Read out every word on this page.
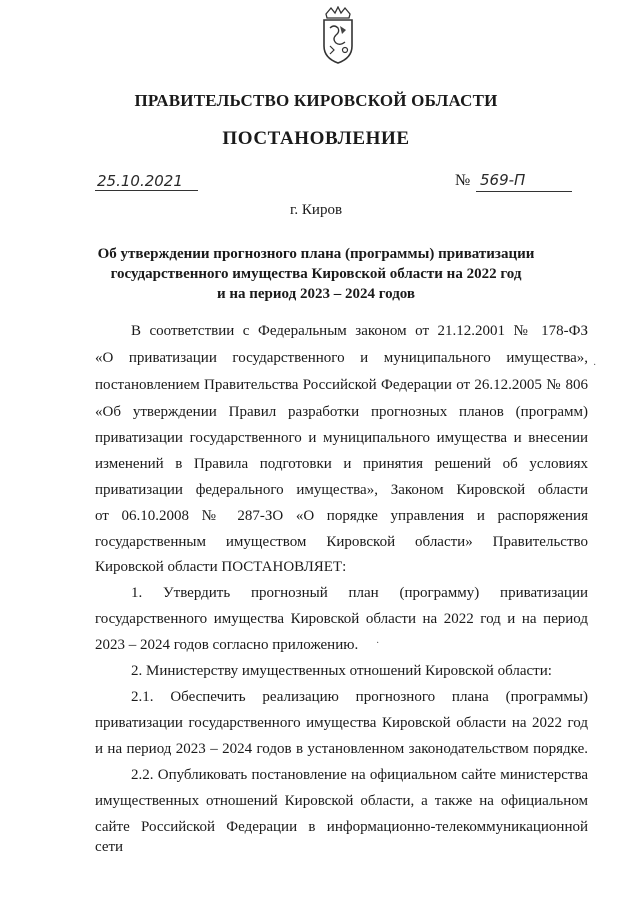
ПРАВИТЕЛЬСТВО КИРОВСКОЙ ОБЛАСТИ
ПОСТАНОВЛЕНИЕ
25.10.2021	№ 569-П
г. Киров
Об утверждении прогнозного плана (программы) приватизации
государственного имущества Кировской области на 2022 год
и на период 2023 – 2024 годов
В соответствии с Федеральным законом от 21.12.2001 № 178-ФЗ
«О приватизации государственного и муниципального имущества»,
постановлением Правительства Российской Федерации от 26.12.2005 № 806
«Об утверждении Правил разработки прогнозных планов (программ)
приватизации государственного и муниципального имущества и внесении
изменений в Правила подготовки и принятия решений об условиях
приватизации федерального имущества», Законом Кировской области
от 06.10.2008 № 287-ЗО «О порядке управления и распоряжения
государственным имуществом Кировской области» Правительство
Кировской области ПОСТАНОВЛЯЕТ:
1. Утвердить прогнозный план (программу) приватизации
государственного имущества Кировской области на 2022 год и на период
2023 – 2024 годов согласно приложению.
2. Министерству имущественных отношений Кировской области:
2.1. Обеспечить реализацию прогнозного плана (программы)
приватизации государственного имущества Кировской области на 2022 год
и на период 2023 – 2024 годов в установленном законодательством порядке.
2.2. Опубликовать постановление на официальном сайте министерства
имущественных отношений Кировской области, а также на официальном
сайте Российской Федерации в информационно-телекоммуникационной сети
·
·
